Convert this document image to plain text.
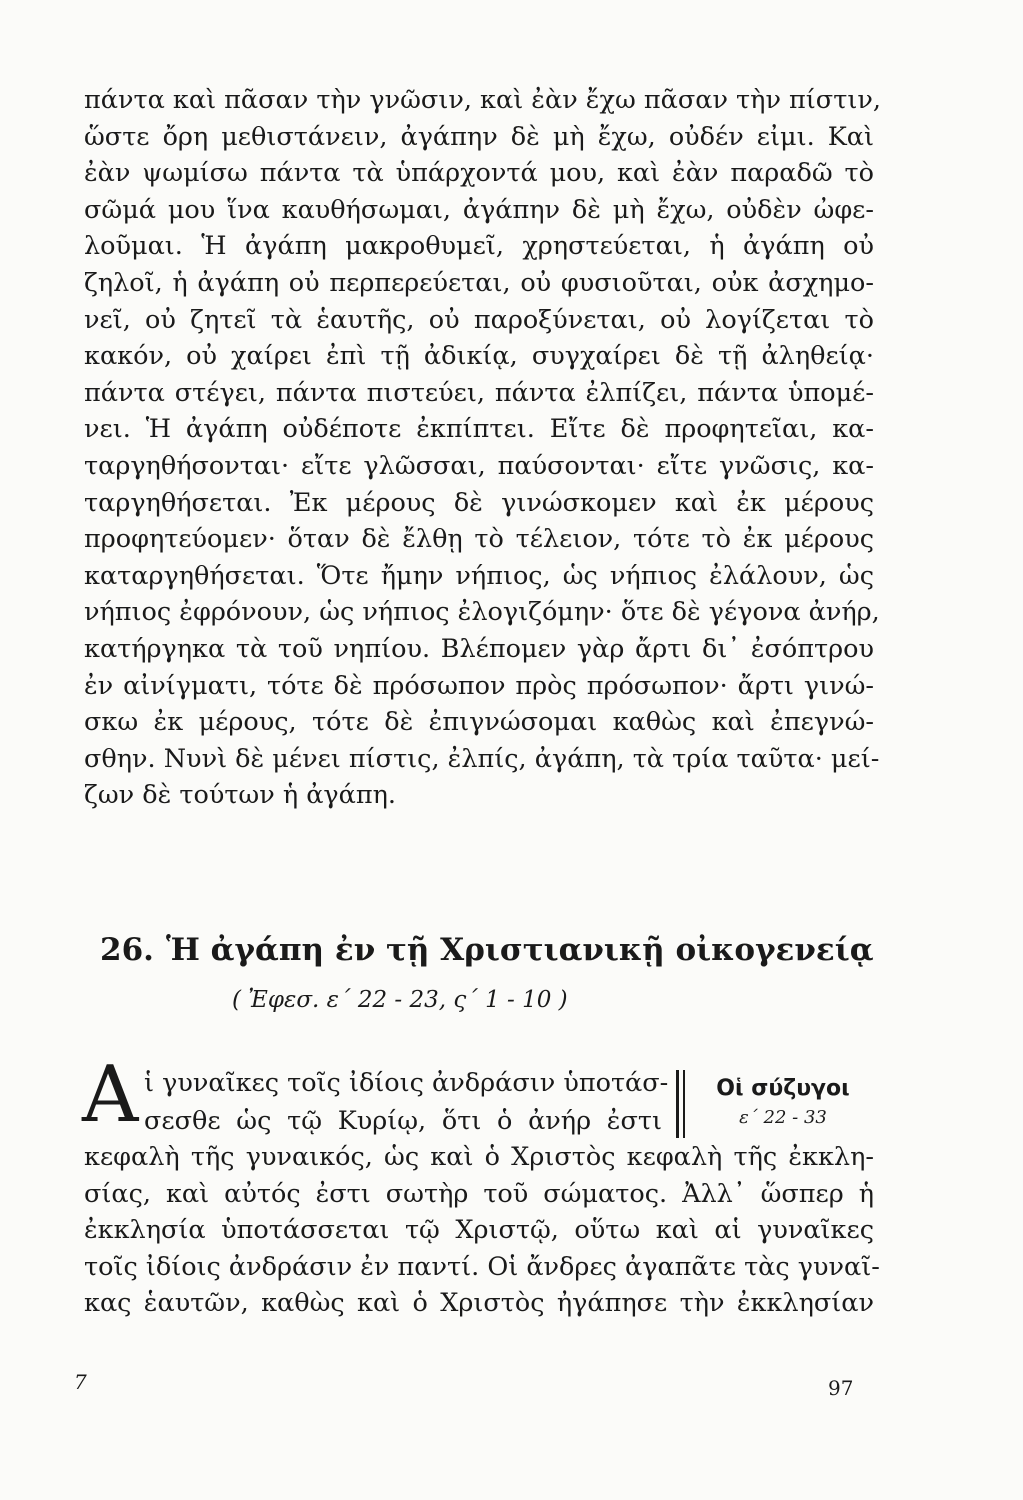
πάντα καὶ πᾶσαν τὴν γνῶσιν, καὶ ἐὰν ἔχω πᾶσαν τὴν πίστιν,
ὥστε ὄρη μεθιστάνειν, ἀγάπην δὲ μὴ ἔχω, οὐδέν εἰμι. Καὶ
ἐὰν ψωμίσω πάντα τὰ ὑπάρχοντά μου, καὶ ἐὰν παραδῶ τὸ
σῶμά μου ἵνα καυθήσωμαι, ἀγάπην δὲ μὴ ἔχω, οὐδὲν ὠφε-
λοῦμαι. Ἡ ἀγάπη μακροθυμεῖ, χρηστεύεται, ἡ ἀγάπη οὐ
ζηλοῖ, ἡ ἀγάπη οὐ περπερεύεται, οὐ φυσιοῦται, οὐκ ἀσχημο-
νεῖ, οὐ ζητεῖ τὰ ἑαυτῆς, οὐ παροξύνεται, οὐ λογίζεται τὸ
κακόν, οὐ χαίρει ἐπὶ τῇ ἀδικίᾳ, συγχαίρει δὲ τῇ ἀληθείᾳ·
πάντα στέγει, πάντα πιστεύει, πάντα ἐλπίζει, πάντα ὑπομέ-
νει. Ἡ ἀγάπη οὐδέποτε ἐκπίπτει. Εἴτε δὲ προφητεῖαι, κα-
ταργηθήσονται· εἴτε γλῶσσαι, παύσονται· εἴτε γνῶσις, κα-
ταργηθήσεται. Ἐκ μέρους δὲ γινώσκομεν καὶ ἐκ μέρους
προφητεύομεν· ὅταν δὲ ἔλθῃ τὸ τέλειον, τότε τὸ ἐκ μέρους
καταργηθήσεται. Ὅτε ἤμην νήπιος, ὡς νήπιος ἐλάλουν, ὡς
νήπιος ἐφρόνουν, ὡς νήπιος ἐλογιζόμην· ὅτε δὲ γέγονα ἀνήρ,
κατήργηκα τὰ τοῦ νηπίου. Βλέπομεν γὰρ ἄρτι δι᾿ ἐσόπτρου
ἐν αἰνίγματι, τότε δὲ πρόσωπον πρὸς πρόσωπον· ἄρτι γινώ-
σκω ἐκ μέρους, τότε δὲ ἐπιγνώσομαι καθὼς καὶ ἐπεγνώ-
σθην. Νυνὶ δὲ μένει πίστις, ἐλπίς, ἀγάπη, τὰ τρία ταῦτα· μεί-
ζων δὲ τούτων ἡ ἀγάπη.
26. Ἡ ἀγάπη ἐν τῇ Χριστιανικῇ οἰκογενείᾳ
( Ἐφεσ. ε´ 22 - 23, ς´ 1 - 10 )
Α ἱ γυναῖκες τοῖς ἰδίοις ἀνδράσιν ὑποτάσ-
σεσθε ὡς τῷ Κυρίῳ, ὅτι ὁ ἀνήρ ἐστι
Οἱ σύζυγοι
ε´ 22 - 33
κεφαλὴ τῆς γυναικός, ὡς καὶ ὁ Χριστὸς κεφαλὴ τῆς ἐκκλη-
σίας, καὶ αὐτός ἐστι σωτὴρ τοῦ σώματος. Ἀλλ᾿ ὥσπερ ἡ
ἐκκλησία ὑποτάσσεται τῷ Χριστῷ, οὕτω καὶ αἱ γυναῖκες
τοῖς ἰδίοις ἀνδράσιν ἐν παντί. Οἱ ἄνδρες ἀγαπᾶτε τὰς γυναῖ-
κας ἑαυτῶν, καθὼς καὶ ὁ Χριστὸς ἠγάπησε τὴν ἐκκλησίαν
7	97
